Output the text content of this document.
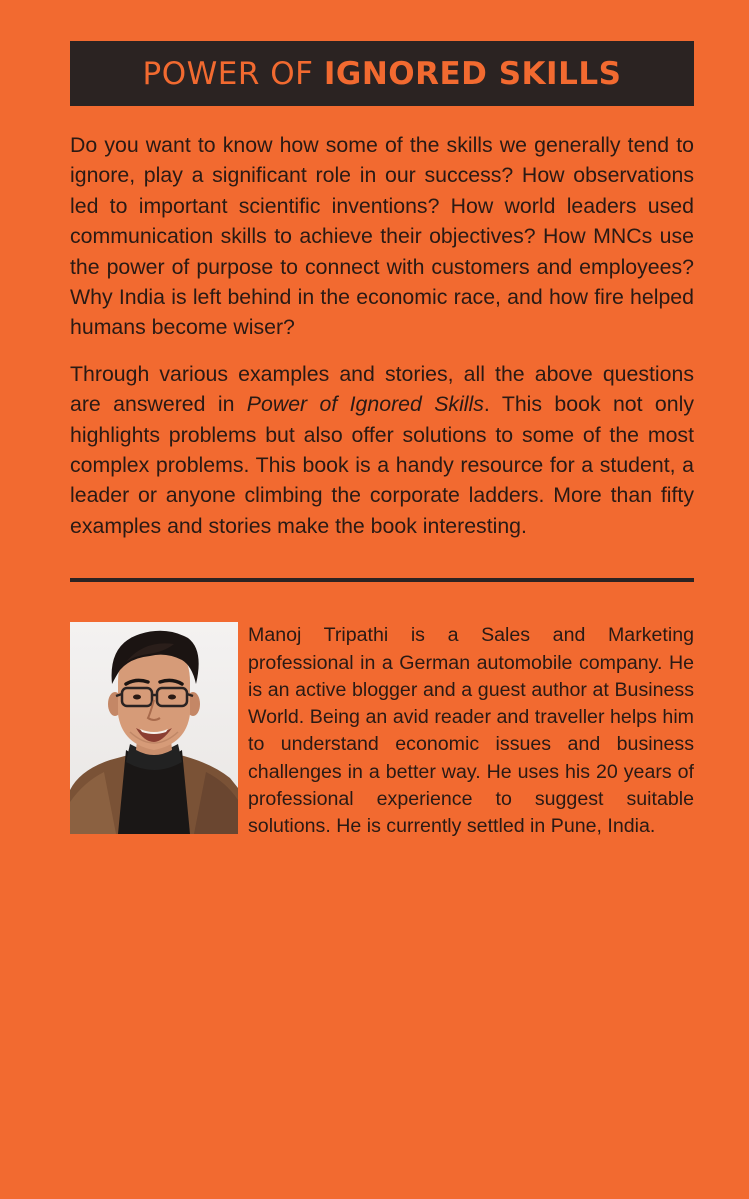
POWER OF IGNORED SKILLS

Do you want to know how some of the skills we generally tend to ignore, play a significant role in our success? How observations led to important scientific inventions? How world leaders used communication skills to achieve their objectives? How MNCs use the power of purpose to connect with customers and employees? Why India is left behind in the economic race, and how fire helped humans become wiser?

Through various examples and stories, all the above questions are answered in Power of Ignored Skills. This book not only highlights problems but also offer solutions to some of the most complex problems. This book is a handy resource for a student, a leader or anyone climbing the corporate ladders. More than fifty examples and stories make the book interesting.

Manoj Tripathi is a Sales and Marketing professional in a German automobile company. He is an active blogger and a guest author at Business World. Being an avid reader and traveller helps him to understand economic issues and business challenges in a better way. He uses his 20 years of professional experience to suggest suitable solutions. He is currently settled in Pune, India.
